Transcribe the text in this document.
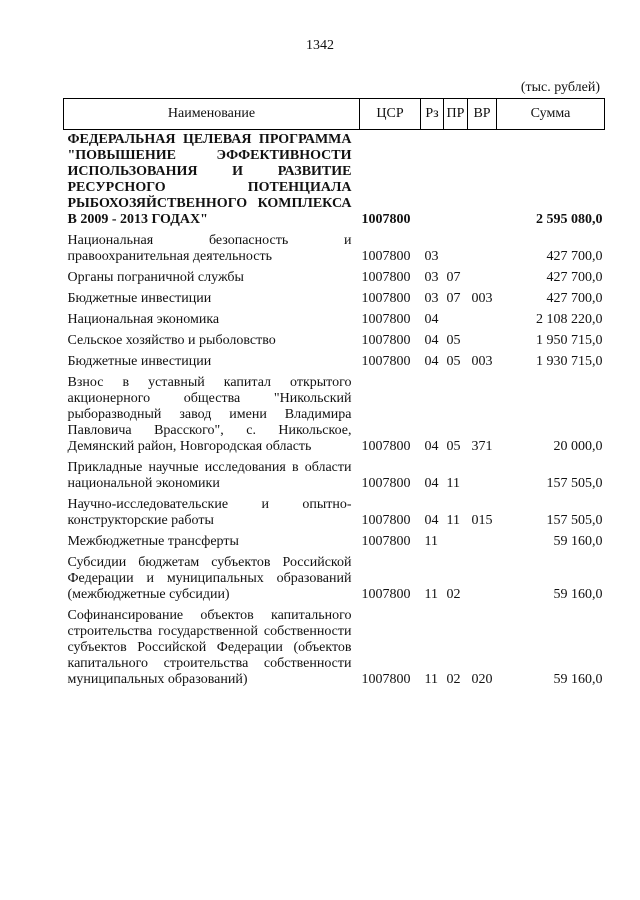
1342
(тыс. рублей)
Наименование	ЦСР	Рз	ПР	ВР	Сумма
ФЕДЕРАЛЬНАЯ ЦЕЛЕВАЯ ПРОГРАММА "ПОВЫШЕНИЕ ЭФФЕКТИВНОСТИ ИСПОЛЬЗОВАНИЯ И РАЗВИТИЕ РЕСУРСНОГО ПОТЕНЦИАЛА РЫБОХОЗЯЙСТВЕННОГО КОМПЛЕКСА В 2009 - 2013 ГОДАХ"	1007800				2 595 080,0
Национальная безопасность и правоохранительная деятельность	1007800	03			427 700,0
Органы пограничной службы	1007800	03	07		427 700,0
Бюджетные инвестиции	1007800	03	07	003	427 700,0
Национальная экономика	1007800	04			2 108 220,0
Сельское хозяйство и рыболовство	1007800	04	05		1 950 715,0
Бюджетные инвестиции	1007800	04	05	003	1 930 715,0
Взнос в уставный капитал открытого акционерного общества "Никольский рыборазводный завод имени Владимира Павловича Врасского", с. Никольское, Демянский район, Новгородская область	1007800	04	05	371	20 000,0
Прикладные научные исследования в области национальной экономики	1007800	04	11		157 505,0
Научно-исследовательские и опытно-конструкторские работы	1007800	04	11	015	157 505,0
Межбюджетные трансферты	1007800	11			59 160,0
Субсидии бюджетам субъектов Российской Федерации и муниципальных образований (межбюджетные субсидии)	1007800	11	02		59 160,0
Софинансирование объектов капитального строительства государственной собственности субъектов Российской Федерации (объектов капитального строительства собственности муниципальных образований)	1007800	11	02	020	59 160,0
